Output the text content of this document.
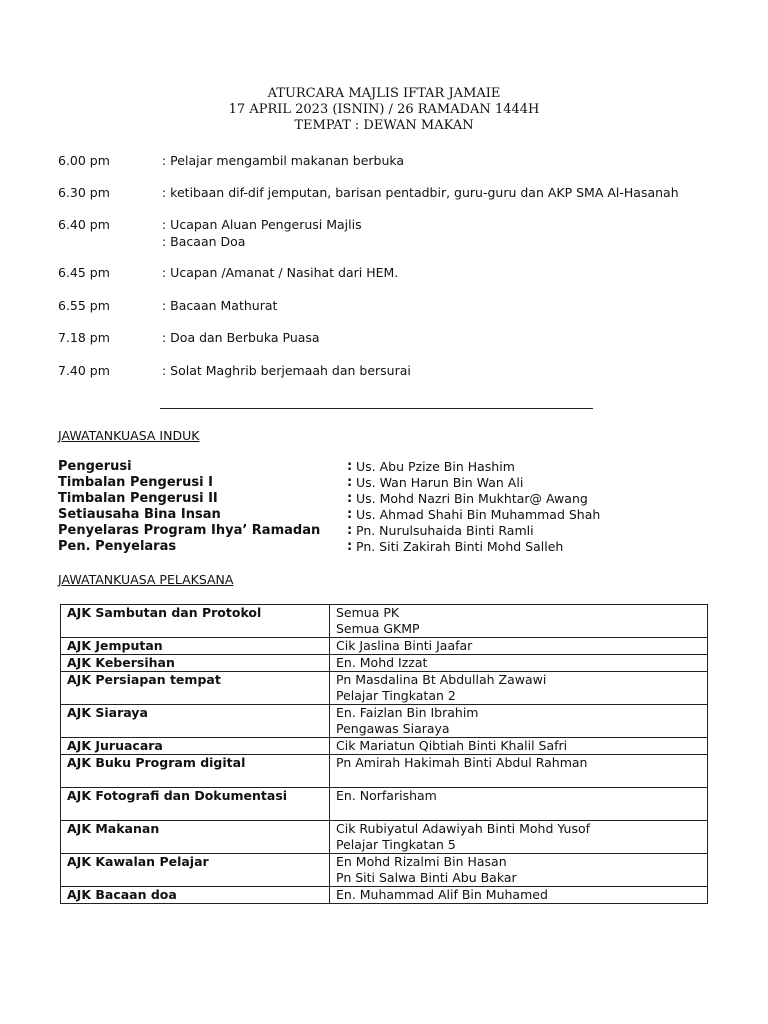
ATURCARA MAJLIS IFTAR JAMAIE
17 APRIL 2023 (ISNIN) / 26 RAMADAN 1444H
TEMPAT : DEWAN MAKAN
6.00 pm	: Pelajar mengambil makanan berbuka
6.30 pm	: ketibaan dif-dif jemputan, barisan pentadbir, guru-guru dan AKP SMA Al-Hasanah
6.40 pm	: Ucapan Aluan Pengerusi Majlis
: Bacaan Doa
6.45 pm	: Ucapan /Amanat / Nasihat dari HEM.
6.55 pm	: Bacaan Mathurat
7.18 pm	: Doa dan Berbuka Puasa
7.40 pm	: Solat Maghrib berjemaah dan bersurai
JAWATANKUASA INDUK
Pengerusi	: Us. Abu Pzize Bin Hashim
Timbalan Pengerusi I	: Us. Wan Harun Bin Wan Ali
Timbalan Pengerusi II	: Us. Mohd Nazri Bin Mukhtar@ Awang
Setiausaha Bina Insan	: Us. Ahmad Shahi Bin Muhammad Shah
Penyelaras Program Ihya’ Ramadan : Pn. Nurulsuhaida Binti Ramli
Pen. Penyelaras	: Pn. Siti Zakirah Binti Mohd Salleh
JAWATANKUASA PELAKSANA
AJK Sambutan dan Protokol	Semua PK
Semua GKMP

AJK Jemputan	Cik Jaslina Binti Jaafar

AJK Kebersihan	En. Mohd Izzat

AJK Persiapan tempat	Pn Masdalina Bt Abdullah Zawawi
Pelajar Tingkatan 2

AJK Siaraya	En. Faizlan Bin Ibrahim
Pengawas Siaraya

AJK Juruacara	Cik Mariatun Qibtiah Binti Khalil Safri

AJK Buku Program digital	Pn Amirah Hakimah Binti Abdul Rahman

AJK Fotografi dan Dokumentasi	En. Norfarisham

AJK Makanan	Cik Rubiyatul Adawiyah Binti Mohd Yusof
Pelajar Tingkatan 5

AJK Kawalan Pelajar	En Mohd Rizalmi Bin Hasan
Pn Siti Salwa Binti Abu Bakar

AJK Bacaan doa	En. Muhammad Alif Bin Muhamed
